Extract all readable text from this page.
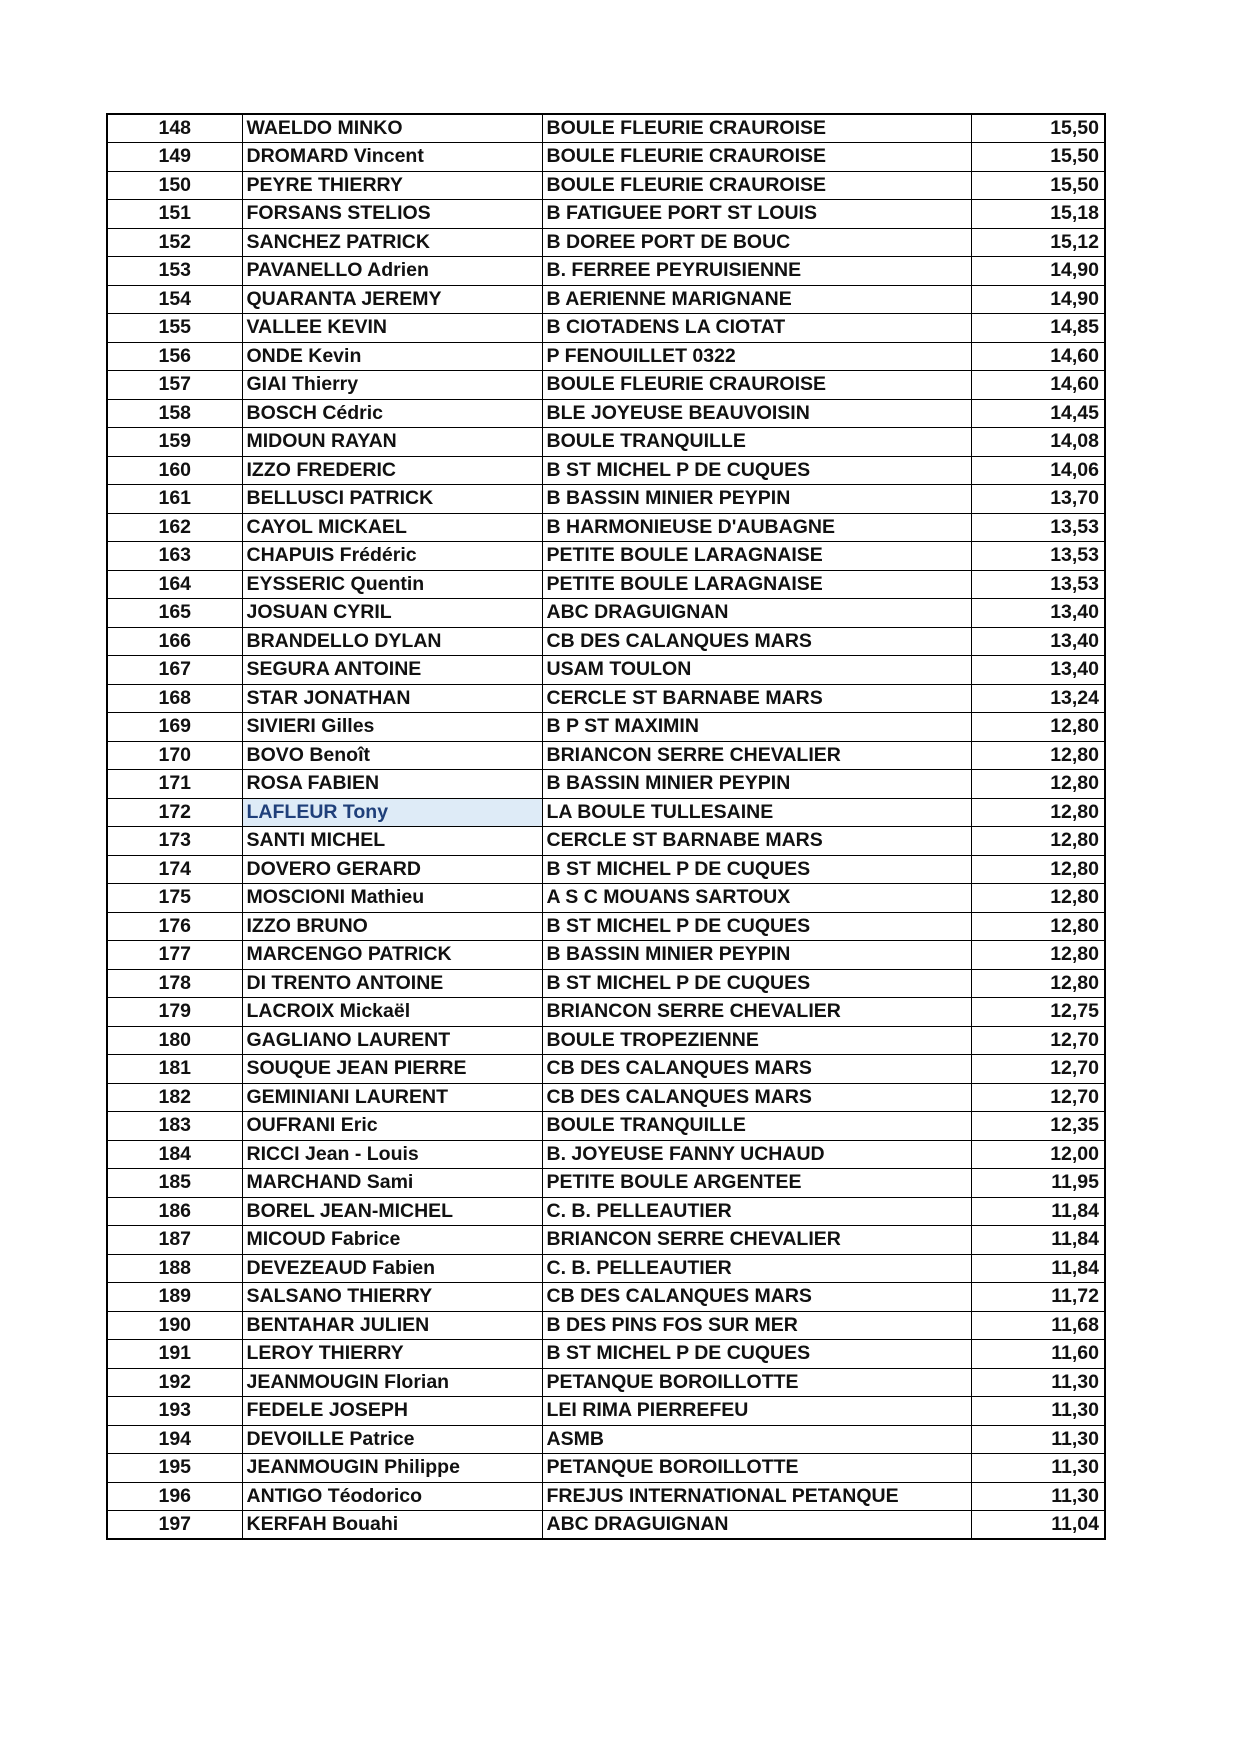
148	WAELDO MINKO	BOULE FLEURIE CRAUROISE	15,50
149	DROMARD Vincent	BOULE FLEURIE CRAUROISE	15,50
150	PEYRE THIERRY	BOULE FLEURIE CRAUROISE	15,50
151	FORSANS STELIOS	B FATIGUEE PORT ST LOUIS	15,18
152	SANCHEZ PATRICK	B DOREE PORT DE BOUC	15,12
153	PAVANELLO Adrien	B. FERREE PEYRUISIENNE	14,90
154	QUARANTA JEREMY	B AERIENNE MARIGNANE	14,90
155	VALLEE KEVIN	B CIOTADENS LA CIOTAT	14,85
156	ONDE Kevin	P FENOUILLET 0322	14,60
157	GIAI Thierry	BOULE FLEURIE CRAUROISE	14,60
158	BOSCH Cédric	BLE JOYEUSE BEAUVOISIN	14,45
159	MIDOUN RAYAN	BOULE TRANQUILLE	14,08
160	IZZO FREDERIC	B ST MICHEL P DE CUQUES	14,06
161	BELLUSCI PATRICK	B BASSIN MINIER PEYPIN	13,70
162	CAYOL MICKAEL	B HARMONIEUSE D'AUBAGNE	13,53
163	CHAPUIS Frédéric	PETITE BOULE LARAGNAISE	13,53
164	EYSSERIC Quentin	PETITE BOULE LARAGNAISE	13,53
165	JOSUAN CYRIL	ABC DRAGUIGNAN	13,40
166	BRANDELLO DYLAN	CB DES CALANQUES MARS	13,40
167	SEGURA ANTOINE	USAM TOULON	13,40
168	STAR JONATHAN	CERCLE ST BARNABE MARS	13,24
169	SIVIERI Gilles	B P ST MAXIMIN	12,80
170	BOVO Benoît	BRIANCON SERRE CHEVALIER	12,80
171	ROSA FABIEN	B BASSIN MINIER PEYPIN	12,80
172	LAFLEUR Tony	LA BOULE TULLESAINE	12,80
173	SANTI MICHEL	CERCLE ST BARNABE MARS	12,80
174	DOVERO GERARD	B ST MICHEL P DE CUQUES	12,80
175	MOSCIONI Mathieu	A S C MOUANS SARTOUX	12,80
176	IZZO BRUNO	B ST MICHEL P DE CUQUES	12,80
177	MARCENGO PATRICK	B BASSIN MINIER PEYPIN	12,80
178	DI TRENTO ANTOINE	B ST MICHEL P DE CUQUES	12,80
179	LACROIX Mickaël	BRIANCON SERRE CHEVALIER	12,75
180	GAGLIANO LAURENT	BOULE TROPEZIENNE	12,70
181	SOUQUE JEAN PIERRE	CB DES CALANQUES MARS	12,70
182	GEMINIANI LAURENT	CB DES CALANQUES MARS	12,70
183	OUFRANI Eric	BOULE TRANQUILLE	12,35
184	RICCI Jean - Louis	B. JOYEUSE FANNY UCHAUD	12,00
185	MARCHAND Sami	PETITE BOULE ARGENTEE	11,95
186	BOREL JEAN-MICHEL	C. B. PELLEAUTIER	11,84
187	MICOUD Fabrice	BRIANCON SERRE CHEVALIER	11,84
188	DEVEZEAUD Fabien	C. B. PELLEAUTIER	11,84
189	SALSANO THIERRY	CB DES CALANQUES MARS	11,72
190	BENTAHAR JULIEN	B DES PINS FOS SUR MER	11,68
191	LEROY THIERRY	B ST MICHEL P DE CUQUES	11,60
192	JEANMOUGIN Florian	PETANQUE BOROILLOTTE	11,30
193	FEDELE JOSEPH	LEI RIMA PIERREFEU	11,30
194	DEVOILLE Patrice	ASMB	11,30
195	JEANMOUGIN Philippe	PETANQUE BOROILLOTTE	11,30
196	ANTIGO Téodorico	FREJUS INTERNATIONAL PETANQUE	11,30
197	KERFAH Bouahi	ABC DRAGUIGNAN	11,04
